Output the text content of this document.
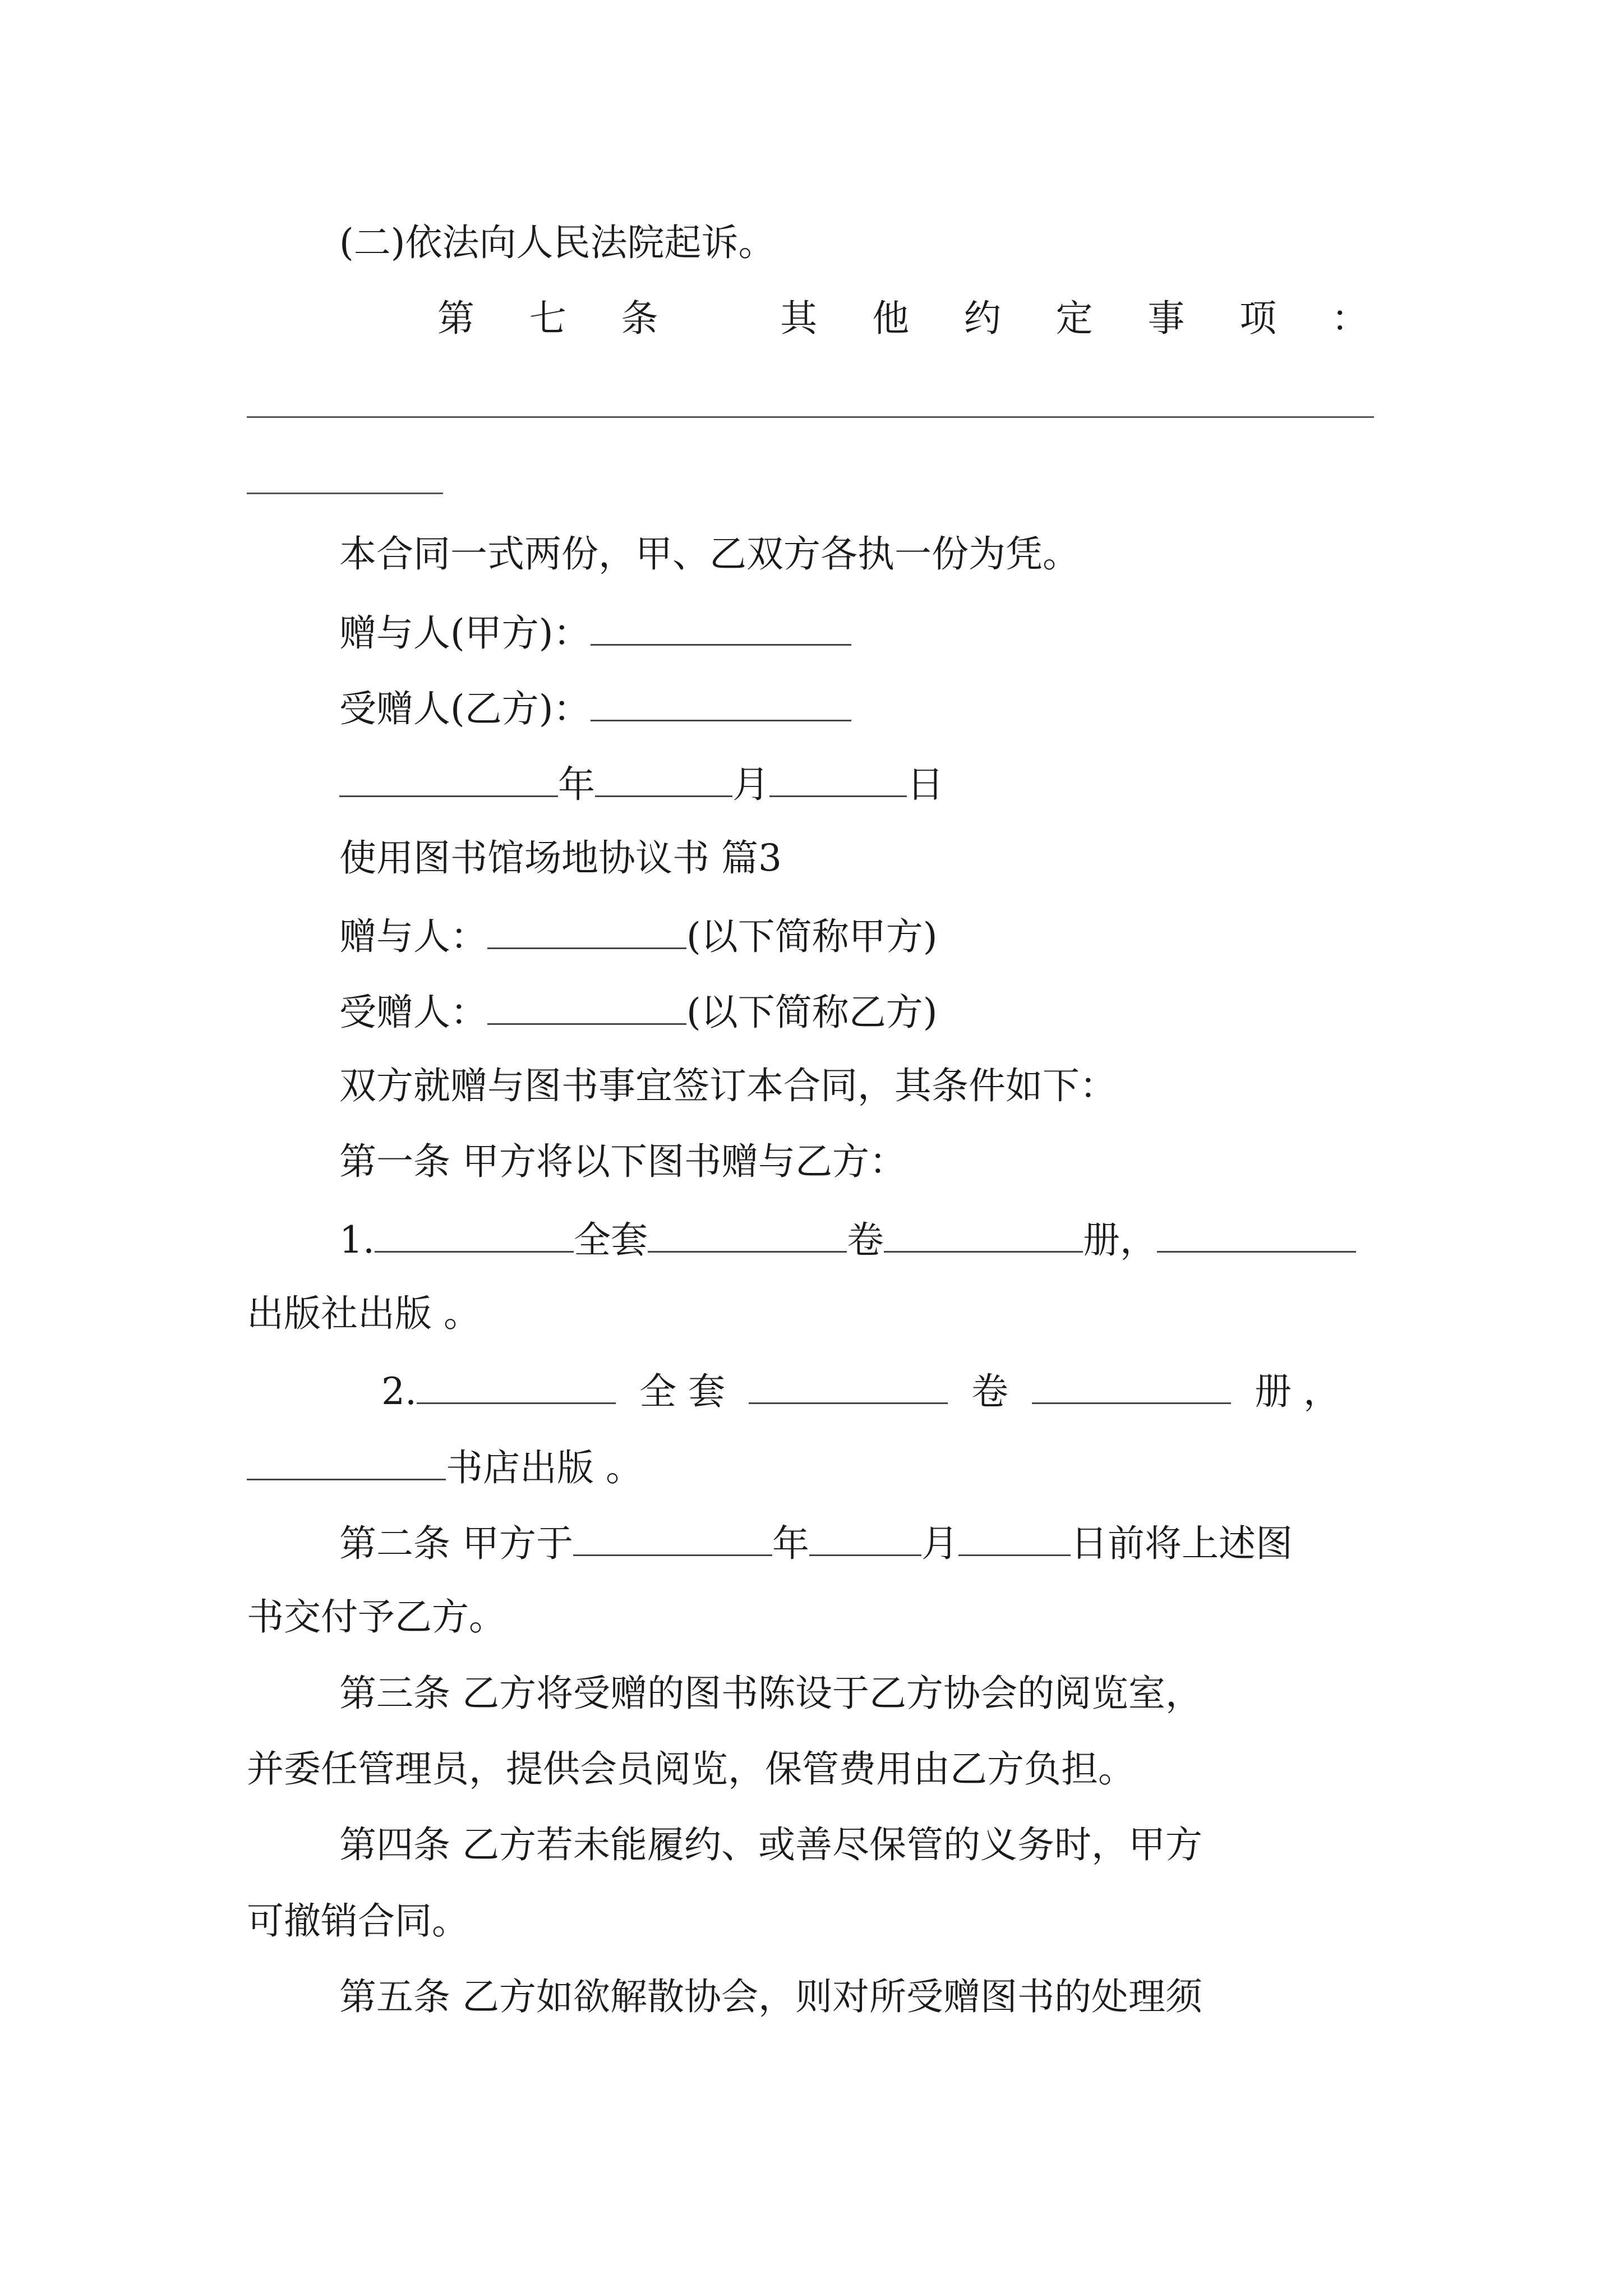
(二)依法向人民法院起诉。
第 七 条	其 他 约 定 事 项 ：
本合同一式两份，甲、乙双方各执一份为凭。
赠与人(甲方)：
受赠人(乙方)：
年	月	日
使用图书馆场地协议书 篇3
赠与人：	(以下简称甲方)
受赠人：	(以下简称乙方)
双方就赠与图书事宜签订本合同，其条件如下：
第一条 甲方将以下图书赠与乙方：
1.	全套	卷	册，
出版社出版 。
2.	全 套	卷	册 ，
书店出版 。
第二条 甲方于	年	月	日前将上述图
书交付予乙方。
第三条 乙方将受赠的图书陈设于乙方协会的阅览室，
并委任管理员，提供会员阅览，保管费用由乙方负担。
第四条 乙方若未能履约、或善尽保管的义务时，甲方
可撤销合同。
第五条 乙方如欲解散协会，则对所受赠图书的处理须
